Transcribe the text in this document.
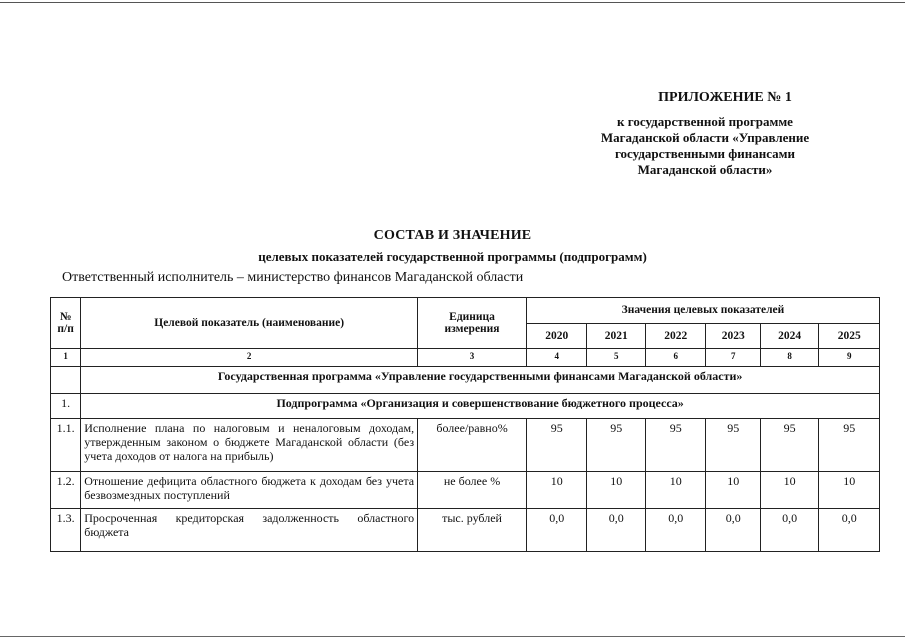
ПРИЛОЖЕНИЕ № 1
к государственной программе
Магаданской области «Управление
государственными финансами
Магаданской области»
СОСТАВ И ЗНАЧЕНИЕ
целевых показателей государственной программы (подпрограмм)
Ответственный исполнитель – министерство финансов Магаданской области
№ п/п	Целевой показатель (наименование)	Единица измерения	Значения целевых показателей					
			2020	2021	2022	2023	2024	2025
1	2	3	4	5	6	7	8	9
	Государственная программа «Управление государственными финансами Магаданской области»							
1.	Подпрограмма «Организация и совершенствование бюджетного процесса»							
1.1.	Исполнение плана по налоговым и неналоговым доходам, утвержденным законом о бюджете Магаданской области (без учета доходов от налога на прибыль)	более/равно%	95	95	95	95	95	95
1.2.	Отношение дефицита областного бюджета к доходам без учета безвозмездных поступлений	не более %	10	10	10	10	10	10
1.3.	Просроченная кредиторская задолженность областного бюджета	тыс. рублей	0,0	0,0	0,0	0,0	0,0	0,0
